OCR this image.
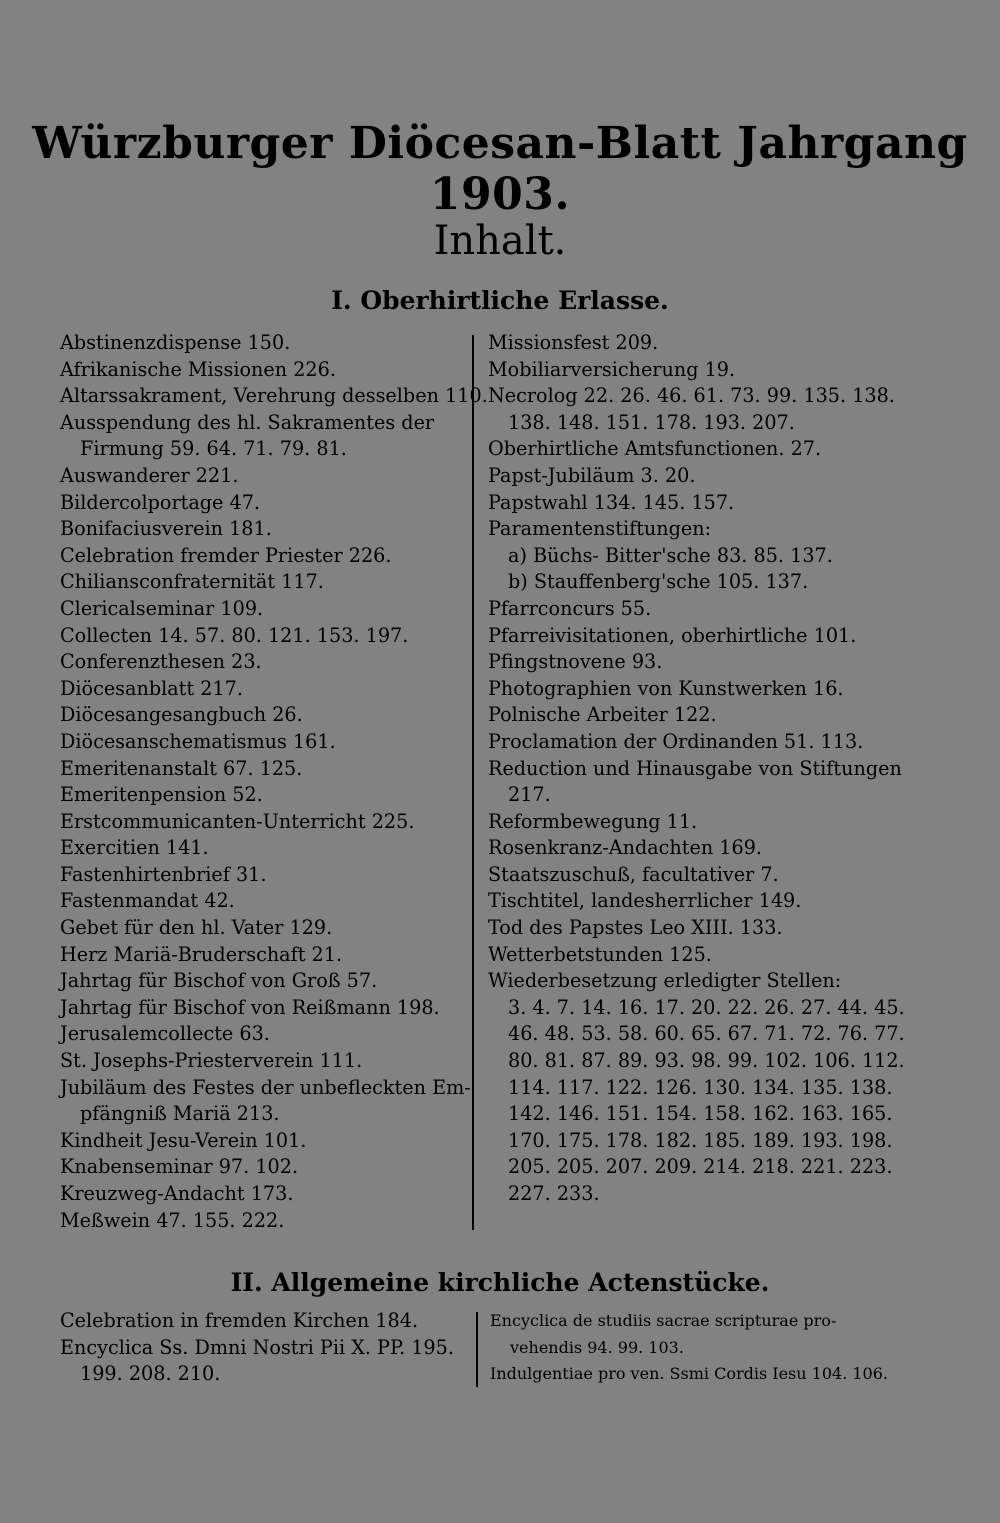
Würzburger Diöcesan-Blatt Jahrgang 1903.
Inhalt.
I. Oberhirtliche Erlasse.
Abstinenzdispense 150.
Afrikanische Missionen 226.
Altarssakrament, Verehrung desselben 110.
Ausspendung des hl. Sakramentes der
Firmung 59. 64. 71. 79. 81.
Auswanderer 221.
Bildercolportage 47.
Bonifaciusverein 181.
Celebration fremder Priester 226.
Chiliansconfraternität 117.
Clericalseminar 109.
Collecten 14. 57. 80. 121. 153. 197.
Conferenzthesen 23.
Diöcesanblatt 217.
Diöcesangesangbuch 26.
Diöcesanschematismus 161.
Emeritenanstalt 67. 125.
Emeritenpension 52.
Erstcommunicanten-Unterricht 225.
Exercitien 141.
Fastenhirtenbrief 31.
Fastenmandat 42.
Gebet für den hl. Vater 129.
Herz Mariä-Bruderschaft 21.
Jahrtag für Bischof von Groß 57.
Jahrtag für Bischof von Reißmann 198.
Jerusalemcollecte 63.
St. Josephs-Priesterverein 111.
Jubiläum des Festes der unbefleckten Em-
pfängniß Mariä 213.
Kindheit Jesu-Verein 101.
Knabenseminar 97. 102.
Kreuzweg-Andacht 173.
Meßwein 47. 155. 222.
Missionsfest 209.
Mobiliarversicherung 19.
Necrolog 22. 26. 46. 61. 73. 99. 135. 138.
138. 148. 151. 178. 193. 207.
Oberhirtliche Amtsfunctionen. 27.
Papst-Jubiläum 3. 20.
Papstwahl 134. 145. 157.
Paramentenstiftungen:
a) Büchs- Bitter'sche 83. 85. 137.
b) Stauffenberg'sche 105. 137.
Pfarrconcurs 55.
Pfarreivisitationen, oberhirtliche 101.
Pfingstnovene 93.
Photographien von Kunstwerken 16.
Polnische Arbeiter 122.
Proclamation der Ordinanden 51. 113.
Reduction und Hinausgabe von Stiftungen
217.
Reformbewegung 11.
Rosenkranz-Andachten 169.
Staatszuschuß, facultativer 7.
Tischtitel, landesherrlicher 149.
Tod des Papstes Leo XIII. 133.
Wetterbetstunden 125.
Wiederbesetzung erledigter Stellen:
3. 4. 7. 14. 16. 17. 20. 22. 26. 27. 44. 45.
46. 48. 53. 58. 60. 65. 67. 71. 72. 76. 77.
80. 81. 87. 89. 93. 98. 99. 102. 106. 112.
114. 117. 122. 126. 130. 134. 135. 138.
142. 146. 151. 154. 158. 162. 163. 165.
170. 175. 178. 182. 185. 189. 193. 198.
205. 205. 207. 209. 214. 218. 221. 223.
227. 233.
II. Allgemeine kirchliche Actenstücke.
Celebration in fremden Kirchen 184.
Encyclica Ss. Dmni Nostri Pii X. PP. 195.
199. 208. 210.
Encyclica de studiis sacrae scripturae pro-
vehendis 94. 99. 103.
Indulgentiae pro ven. Ssmi Cordis Iesu 104. 106.
